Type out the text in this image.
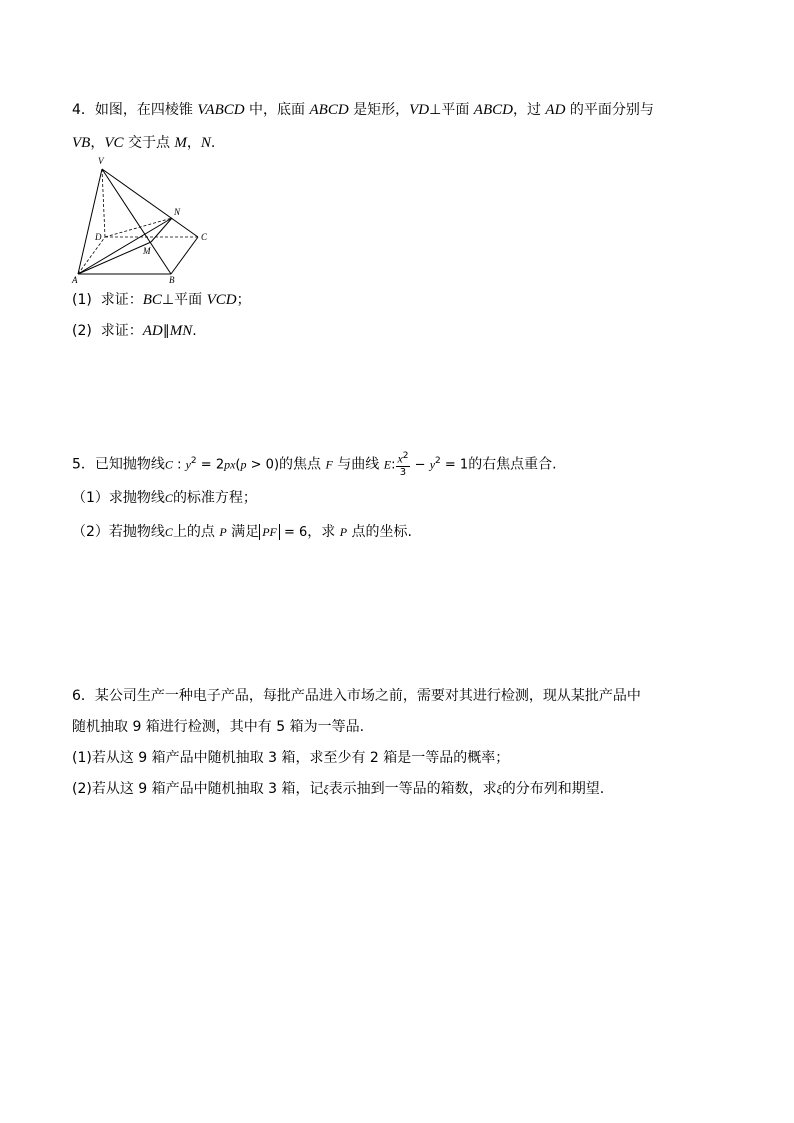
4．如图，在四棱锥 VABCD 中，底面 ABCD 是矩形，VD⊥平面 ABCD，过 AD 的平面分别与
VB，VC 交于点 M，N.
V
N
D	C
M
A	B
(1) 求证：BC⊥平面 VCD；
(2) 求证：AD∥MN.
5．已知抛物线C : $y^2 = 2px(p > 0)$的焦点 F 与曲线 E: $\frac{x2}{3} - y^2 = 1$的右焦点重合.
（1）求抛物线C的标准方程；
（2）若抛物线C上的点 P 满足 PF = 6，求 P 点的坐标.
6．某公司生产一种电子产品，每批产品进入市场之前，需要对其进行检测，现从某批产品中
随机抽取 9 箱进行检测，其中有 5 箱为一等品.
(1)若从这 9 箱产品中随机抽取 3 箱，求至少有 2 箱是一等品的概率；
(2)若从这 9 箱产品中随机抽取 3 箱，记ξ表示抽到一等品的箱数，求ξ的分布列和期望.
